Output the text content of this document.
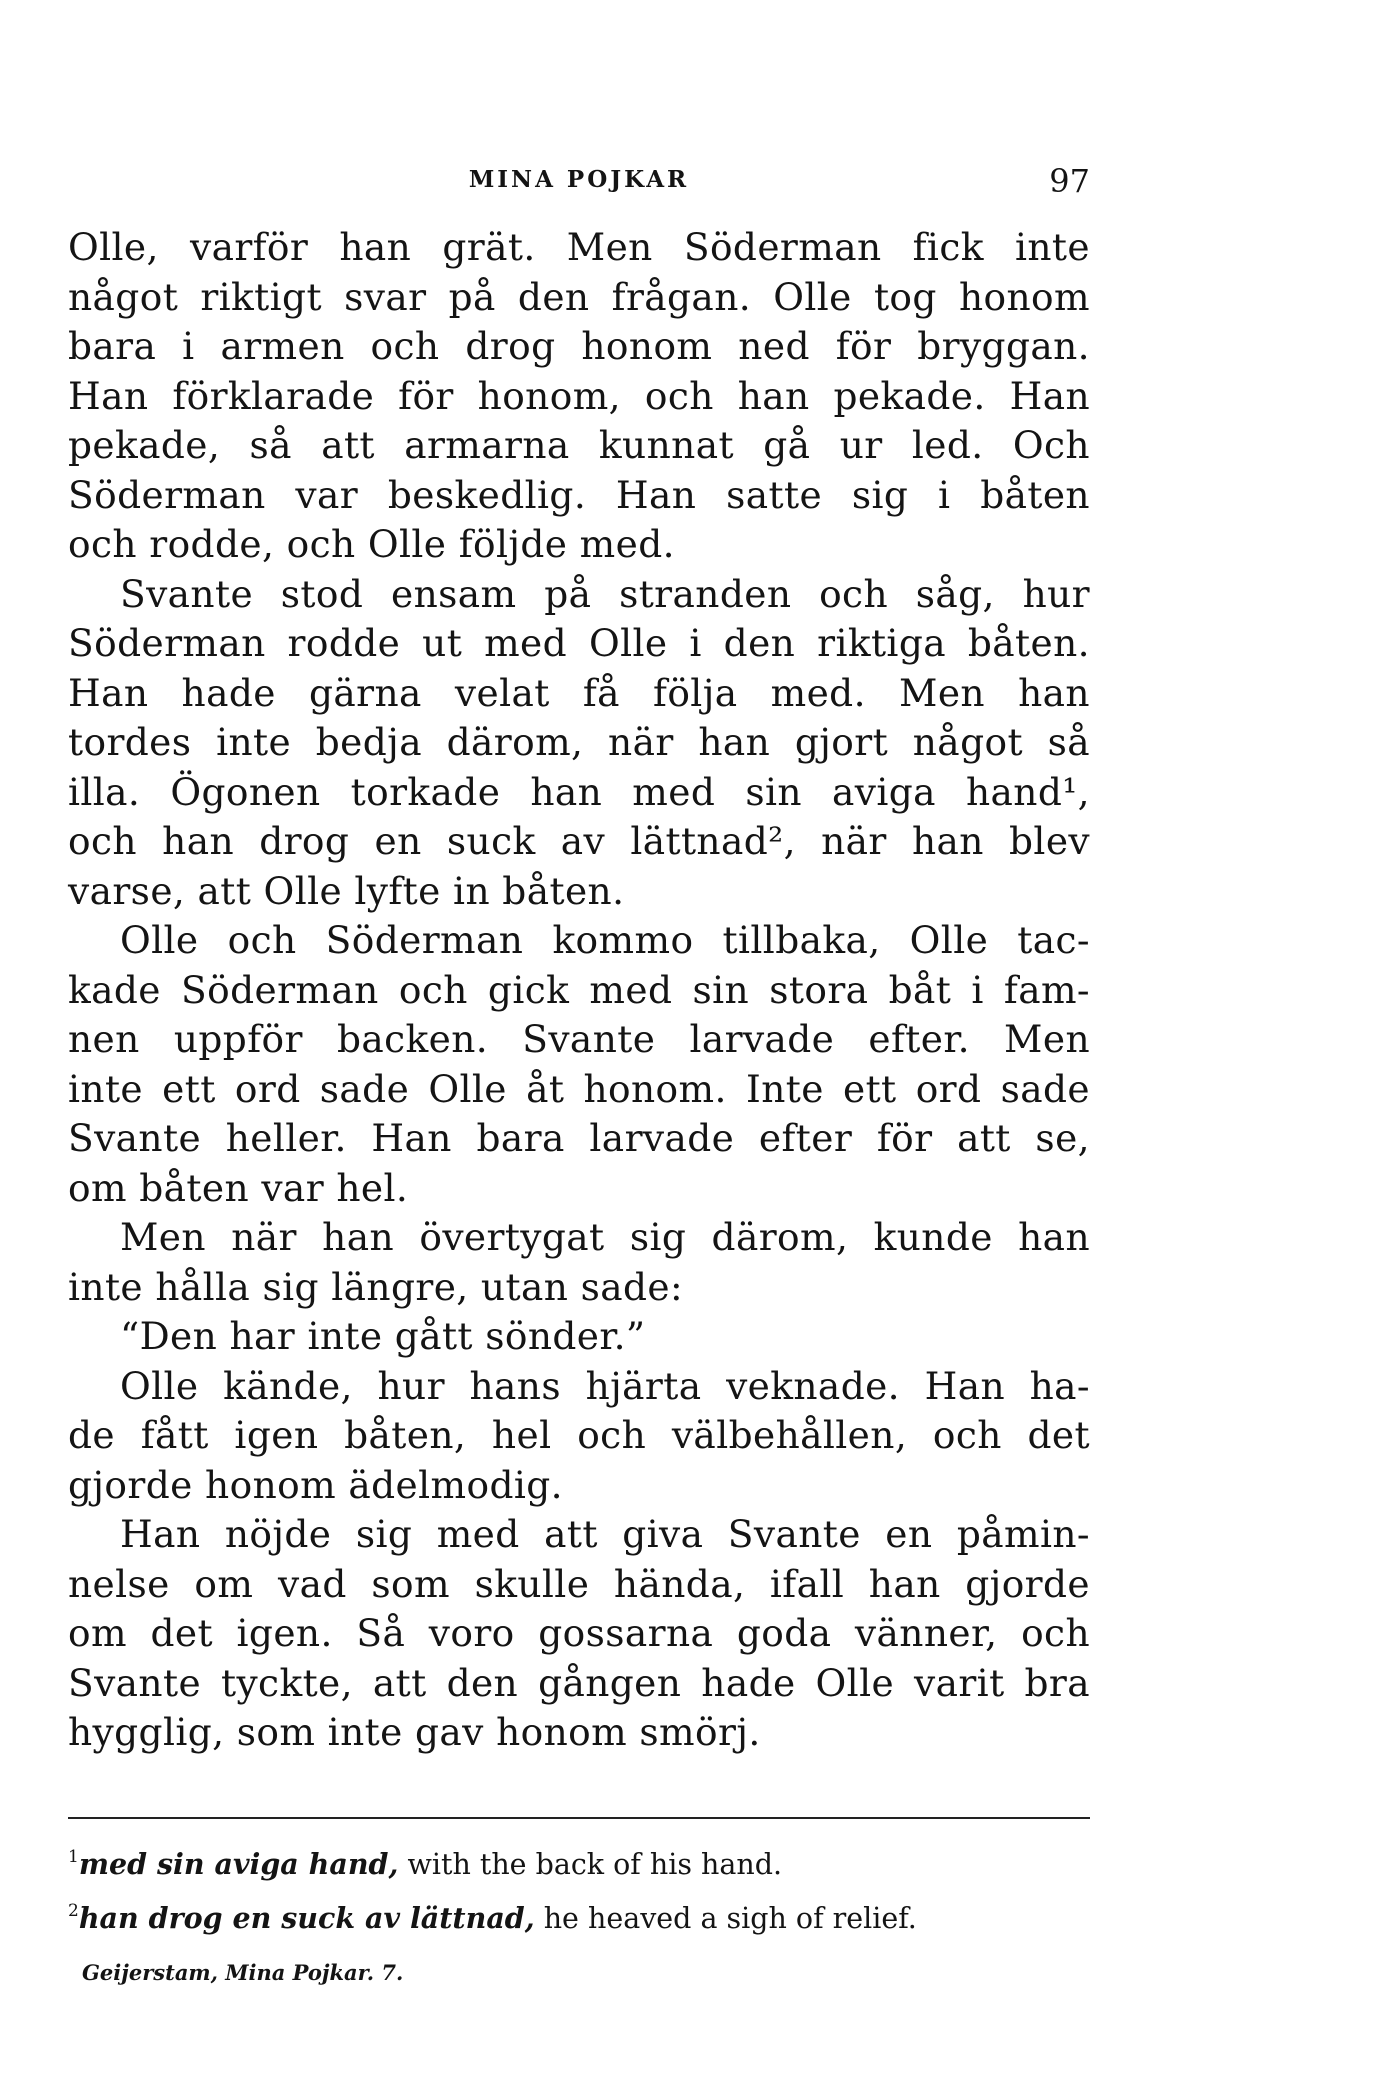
MINA POJKAR	97
Olle, varför han grät. Men Söderman fick inte
något riktigt svar på den frågan. Olle tog honom
bara i armen och drog honom ned för bryggan.
Han förklarade för honom, och han pekade. Han
pekade, så att armarna kunnat gå ur led. Och
Söderman var beskedlig. Han satte sig i båten
och rodde, och Olle följde med.
Svante stod ensam på stranden och såg, hur
Söderman rodde ut med Olle i den riktiga båten.
Han hade gärna velat få följa med. Men han
tordes inte bedja därom, när han gjort något så
illa. Ögonen torkade han med sin aviga hand¹,
och han drog en suck av lättnad², när han blev
varse, att Olle lyfte in båten.
Olle och Söderman kommo tillbaka, Olle tac-
kade Söderman och gick med sin stora båt i fam-
nen uppför backen. Svante larvade efter. Men
inte ett ord sade Olle åt honom. Inte ett ord sade
Svante heller. Han bara larvade efter för att se,
om båten var hel.
Men när han övertygat sig därom, kunde han
inte hålla sig längre, utan sade:
“Den har inte gått sönder.”
Olle kände, hur hans hjärta veknade. Han ha-
de fått igen båten, hel och välbehållen, och det
gjorde honom ädelmodig.
Han nöjde sig med att giva Svante en påmin-
nelse om vad som skulle hända, ifall han gjorde
om det igen. Så voro gossarna goda vänner, och
Svante tyckte, att den gången hade Olle varit bra
hygglig, som inte gav honom smörj.
$^1$med sin aviga hand, with the back of his hand.
$^2$han drog en suck av lättnad, he heaved a sigh of relief.
Geijerstam, Mina Pojkar. 7.
